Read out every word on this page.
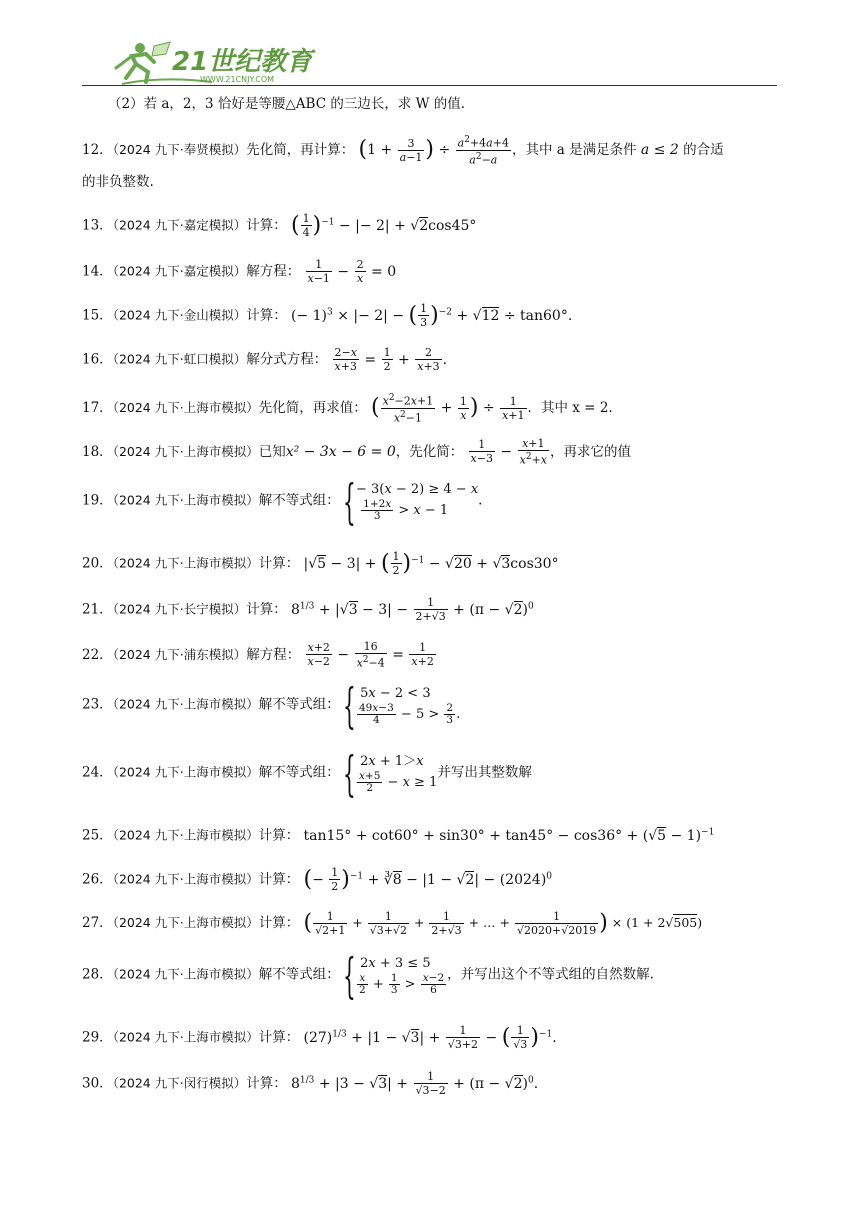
21世纪教育
WWW.21CNJY.COM
（2）若 a，2，3 恰好是等腰△ABC 的三边长，求 W 的值.
12．（2024 九下·奉贤模拟）先化简，再计算： ($1 + \frac{3}{a-1}$ ) ÷ $\frac{a^2+4a+4}{a^2-a}$ ，其中 a 是满足条件 a ≤ 2 的合适
的非负整数.
13．（2024 九下·嘉定模拟）计算： ( $\frac{1}{4} )^{-1}$ − |− 2| + √2cos45°
14．（2024 九下·嘉定模拟）解方程： $\frac{1}{x-1} - \frac{2}{x} = 0$
15．（2024 九下·金山模拟）计算： (− 1)$^3$ × |− 2| − ( $\frac{1}{3} )^{-2} + √12 \div \tan 60^\circ$.
16．（2024 九下·虹口模拟）解分式方程： $\frac{2-x}{x+3} = \frac{1}{2} + \frac{2}{x+3}$ .
17．（2024 九下·上海市模拟）先化简，再求值： ( $\frac{x^2-2x+1}{x^2-1} + \frac{1}{x}$ ) ÷ $\frac{1}{x+1}$ ．其中 x = 2.
18．（2024 九下·上海市模拟）已知x² − 3x − 6 = 0，先化简： $\frac{1}{x-3} - \frac{x+1}{x^2+x}$ ，再求它的值
19．（2024 九下·上海市模拟）解不等式组： { − 3(x − 2) ≥ 4 − x

$\frac{1+2x}{3} > x - 1$
.
20．（2024 九下·上海市模拟）计算： |√5 − 3| + ( $\frac{1}{2} )^{-1} - √20 + √3\cos 30^\circ$
21．（2024 九下·长宁模拟）计算： $8^{1/3} + |√3 - 3| - \frac{1}{2+√3} + (\pi - √2)^0$
22．（2024 九下·浦东模拟）解方程： $\frac{x+2}{x-2} - \frac{16}{x^2-4} = \frac{1}{x+2}$
23．（2024 九下·上海市模拟）解不等式组： { 5x − 2 < 3
$\frac{49x-3}{4} - 5 > \frac{2}{3}$ .
24．（2024 九下·上海市模拟）解不等式组： { 2x + 1＞x
$\frac{x+5}{2} - x \ge 1$
并写出其整数解
25．（2024 九下·上海市模拟）计算： $\tan 15^\circ + \cot 60^\circ + \sin 30^\circ + \tan 45^\circ - \cos 36^\circ + (√5 - 1)^{-1}$
26．（2024 九下·上海市模拟）计算： (− $\frac{1}{2} )^{-1}$ + ∛8 − $|1 - √2| - (2024)^0$
27．（2024 九下·上海市模拟）计算： ( $\frac{1}{√2+1} + \frac{1}{√3+√2} + \frac{1}{2+√3}$ + … + $\frac{1}{√2020+√2019}$ ) × (1 + 2√505)
28．（2024 九下·上海市模拟）解不等式组： { 2x + 3 ≤ 5
$\frac{x}{2} + \frac{1}{3} > \frac{x-2}{6}$ ，并写出这个不等式组的自然数解.
29．（2024 九下·上海市模拟）计算： $(27)^{1/3} + |1 - √3| + \frac{1}{√3+2}$ − ( $\frac{1}{√3} )^{-1}$.
30．（2024 九下·闵行模拟）计算： $8^{1/3} + |3 - √3| + \frac{1}{√3-2} + (\pi - √2)^0$.
